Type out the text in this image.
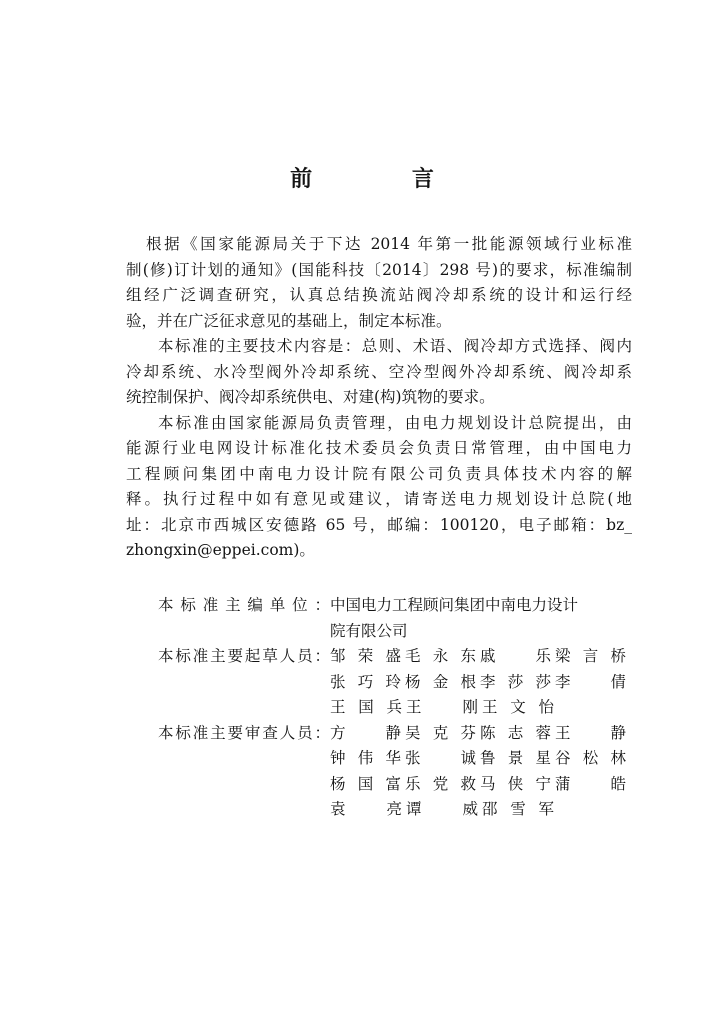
前 言
根据《国家能源局关于下达 2014 年第一批能源领域行业标准
制(修)订计划的通知》(国能科技〔2014〕298 号)的要求，标准编制
组经广泛调查研究，认真总结换流站阀冷却系统的设计和运行经
验，并在广泛征求意见的基础上，制定本标准。
本标准的主要技术内容是：总则、术语、阀冷却方式选择、阀内
冷却系统、水冷型阀外冷却系统、空冷型阀外冷却系统、阀冷却系
统控制保护、阀冷却系统供电、对建(构)筑物的要求。
本标准由国家能源局负责管理，由电力规划设计总院提出，由
能源行业电网设计标准化技术委员会负责日常管理，由中国电力
工程顾问集团中南电力设计院有限公司负责具体技术内容的解
释。执行过程中如有意见或建议，请寄送电力规划设计总院(地
址：北京市西城区安德路 65 号，邮编：100120，电子邮箱：bz_
zhongxin@eppei.com)。
本标准主编单位： 中国电力工程顾问集团中南电力设计
院有限公司
本标准主要起草人员： 邹荣盛 毛永东 戚　乐 梁言桥
张巧玲 杨金根 李莎莎 李　倩
王国兵 王　刚 王文怡
本标准主要审查人员： 方　静 吴克芬 陈志蓉 王　静
钟伟华 张　诚 鲁景星 谷松林
杨国富 乐党救 马侠宁 蒲　皓
袁　亮 谭　威 邵雪军
